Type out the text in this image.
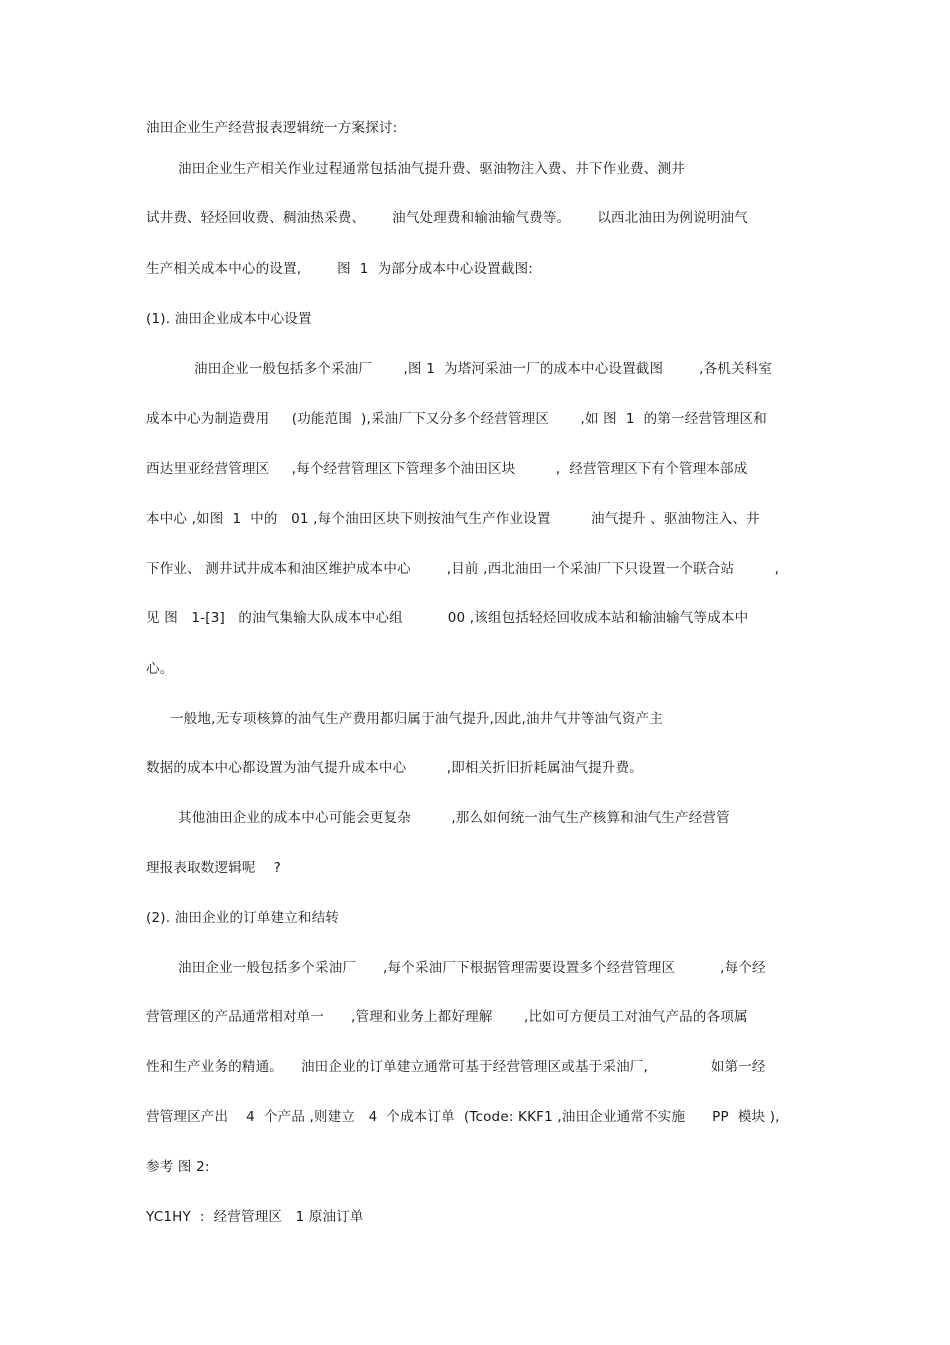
油田企业生产经营报表逻辑统一方案探讨:
油田企业生产相关作业过程通常包括油气提升费、驱油物注入费、井下作业费、测井
试井费、轻烃回收费、稠油热采费、      油气处理费和输油输气费等。      以西北油田为例说明油气
生产相关成本中心的设置,        图  1  为部分成本中心设置截图:
(1). 油田企业成本中心设置
油田企业一般包括多个采油厂       ,图 1  为塔河采油一厂的成本中心设置截图        ,各机关科室
成本中心为制造费用     (功能范围  ),采油厂下又分多个经营管理区       ,如 图  1  的第一经营管理区和
西达里亚经营管理区     ,每个经营管理区下管理多个油田区块         ,  经营管理区下有个管理本部成
本中心 ,如图  1  中的   01 ,每个油田区块下则按油气生产作业设置         油气提升 、驱油物注入、井
下作业、 测井试井成本和油区维护成本中心        ,目前 ,西北油田一个采油厂下只设置一个联合站         ,
见 图   1-[3]   的油气集输大队成本中心组          00 ,该组包括轻烃回收成本站和输油输气等成本中
心。
一般地,无专项核算的油气生产费用都归属于油气提升,因此,油井气井等油气资产主
数据的成本中心都设置为油气提升成本中心         ,即相关折旧折耗属油气提升费。
其他油田企业的成本中心可能会更复杂         ,那么如何统一油气生产核算和油气生产经营管
理报表取数逻辑呢    ?
(2). 油田企业的订单建立和结转
油田企业一般包括多个采油厂      ,每个采油厂下根据管理需要设置多个经营管理区          ,每个经
营管理区的产品通常相对单一      ,管理和业务上都好理解       ,比如可方便员工对油气产品的各项属
性和生产业务的精通。    油田企业的订单建立通常可基于经营管理区或基于采油厂,              如第一经
营管理区产出    4  个产品 ,则建立   4  个成本订单  (Tcode: KKF1 ,油田企业通常不实施      PP  模块 ),
参考 图 2:
YC1HY  :  经营管理区   1 原油订单
